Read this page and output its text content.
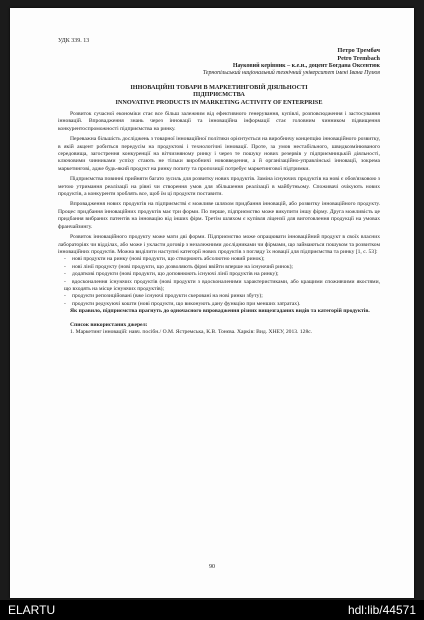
УДК 339. 13
Петро Трембач
Petro Trembach
Науковий керівник – к.е.н., доцент Богдана Оксентюк
Тернопільський національний технічний університет імені Івана Пулюя
ІННОВАЦІЙНІ ТОВАРИ В МАРКЕТИНГОВІЙ ДІЯЛЬНОСТІ
ПІДПРИЄМСТВА
INNOVATIVE PRODUCTS IN MARKETING ACTIVITY OF ENTERPRISE

Розвиток сучасної економіки стає все більш залежним від ефективного генерування, купівлі, розповсюдження і застосування інновацій. Впровадження знань через інновації та інноваційна інформації стає головним чинником підвищення конкурентоспроможності підприємства на ринку.

Переважна більшість досліджень з товарної інноваційної політики орієнтується на виробничу концепцію інноваційного розвитку, в якій акцент робиться передусім на продуктові і технологічні інновації. Проте, за умов нестабільного, швидкозмінюваного середовища, загострення конкуренції на вітчизняному ринку і через те пошуку нових резервів у підприємницькій діяльності, ключовими чинниками успіху стають не тільки виробничі нововведення, а й організаційно-управлінські інновації, зокрема маркетингові, адже будь-який продукт на ринку попиту та пропозиції потребує маркетингової підтримки.

Підприємства повинні прийняти багато зусиль для розвитку нових продуктів. Заміна існуючих продуктів на нові є обов'язковою з метою утримання реалізації на рівні чи створення умов для збільшення реалізації в майбутньому. Споживачі очікують нових продуктів, а конкуренти зроблять все, щоб їм ці продукти поставити.

Впровадження нових продуктів на підприємстві є можливе шляхом придбання інновацій, або розвитку інноваційного продукту. Процес придбання інноваційних продуктів має три форми. По перше, підприємство може викупити іншу фірму. Друга можливість це придбання вибраних патентів на інновацію від інших фірм. Третім шляхом є купівля ліцензії для виготовлення продукції на умовах франчайзингу.

Розвиток інноваційного продукту може мати дві форми. Підприємство може опрацювати інноваційний продукт в своїх власних лабораторіях чи відділах, або може і укласти договір з незалежними дослідниками чи фірмами, що займаються пошуком та розвитком інноваційних продуктів. Можна виділити наступні категорії нових продуктів з погляду їх новації для підприємства та ринку [1, с. 53]:

- нові продукти на ринку (нові продукти, що створюють абсолютно новий ринок);

- нові лінії продукту (нові продукти, що дозволяють фірмі ввійти вперше на існуючий ринок);

- додаткові продукти (нові продукти, що доповнюють існуючі лінії продуктів на ринку);

- вдосконалення існуючих продуктів (нові продукти з вдосконаленими характеристиками, або кращими споживчими якостями, що входять на місце існуючих продуктів);

- продукти репозиційовані (вже існуючі продукти скеровані на нові ринки збуту);

- продукти редукуючі кошти (нові продукти, що виконують дану функцію при менших затратах).

Як правило, підприємства прагнуть до одночасного впровадження різних вищезгаданих видів та категорій продуктів.

Список використаних джерел:

1. Маркетинг інновацій: навч. посібн./ О.М. Ястремська, К.В. Тонєва. Харків: Вид. ХНЕУ, 2013. 128с.

90
ELARTU	hdl:lib/44571
